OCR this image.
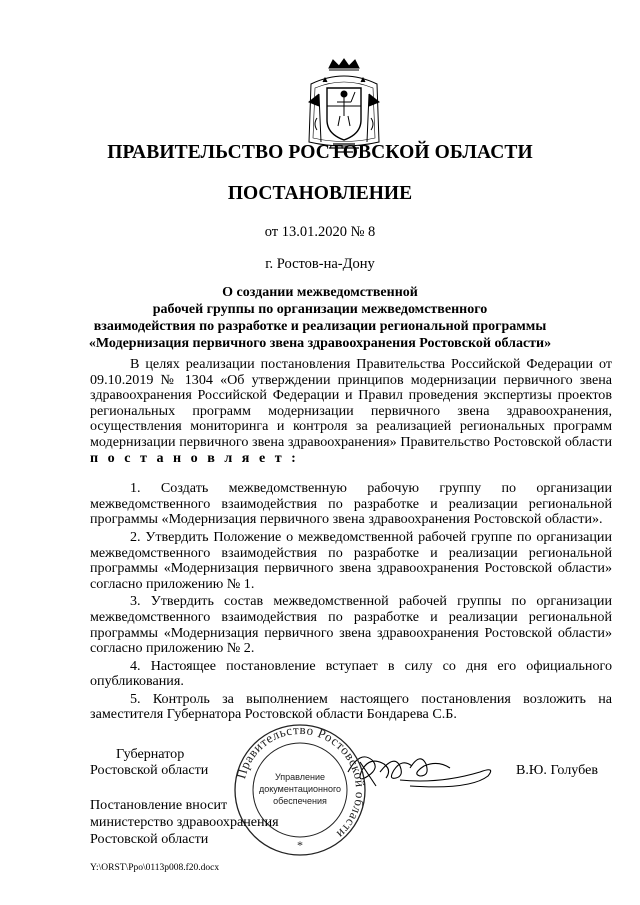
ПРАВИТЕЛЬСТВО РОСТОВСКОЙ ОБЛАСТИ
ПОСТАНОВЛЕНИЕ
от 13.01.2020 № 8
г. Ростов-на-Дону
О создании межведомственной
рабочей группы по организации межведомственного
взаимодействия по разработке и реализации региональной программы
«Модернизация первичного звена здравоохранения Ростовской области»

В целях реализации постановления Правительства Российской Федерации от 09.10.2019 № 1304 «Об утверждении принципов модернизации первичного звена здравоохранения Российской Федерации и Правил проведения экспертизы проектов региональных программ модернизации первичного звена здравоохранения, осуществления мониторинга и контроля за реализацией региональных программ модернизации первичного звена здравоохранения» Правительство Ростовской области п о с т а н о в л я е т :

1. Создать межведомственную рабочую группу по организации межведомственного взаимодействия по разработке и реализации региональной программы «Модернизация первичного звена здравоохранения Ростовской области».

2. Утвердить Положение о межведомственной рабочей группе по организации межведомственного взаимодействия по разработке и реализации региональной программы «Модернизация первичного звена здравоохранения Ростовской области» согласно приложению № 1.

3. Утвердить состав межведомственной рабочей группы по организации межведомственного взаимодействия по разработке и реализации региональной программы «Модернизация первичного звена здравоохранения Ростовской области» согласно приложению № 2.

4. Настоящее постановление вступает в силу со дня его официального опубликования.

5. Контроль за выполнением настоящего постановления возложить на заместителя Губернатора Ростовской области Бондарева С.Б.

Губернатор
Ростовской области	В.Ю. Голубев
Правительство Ростовской области
Управление
документационного
обеспечения
*
Постановление вносит
министерство здравоохранения
Ростовской области
Y:\ORST\Ppo\0113p008.f20.docx
